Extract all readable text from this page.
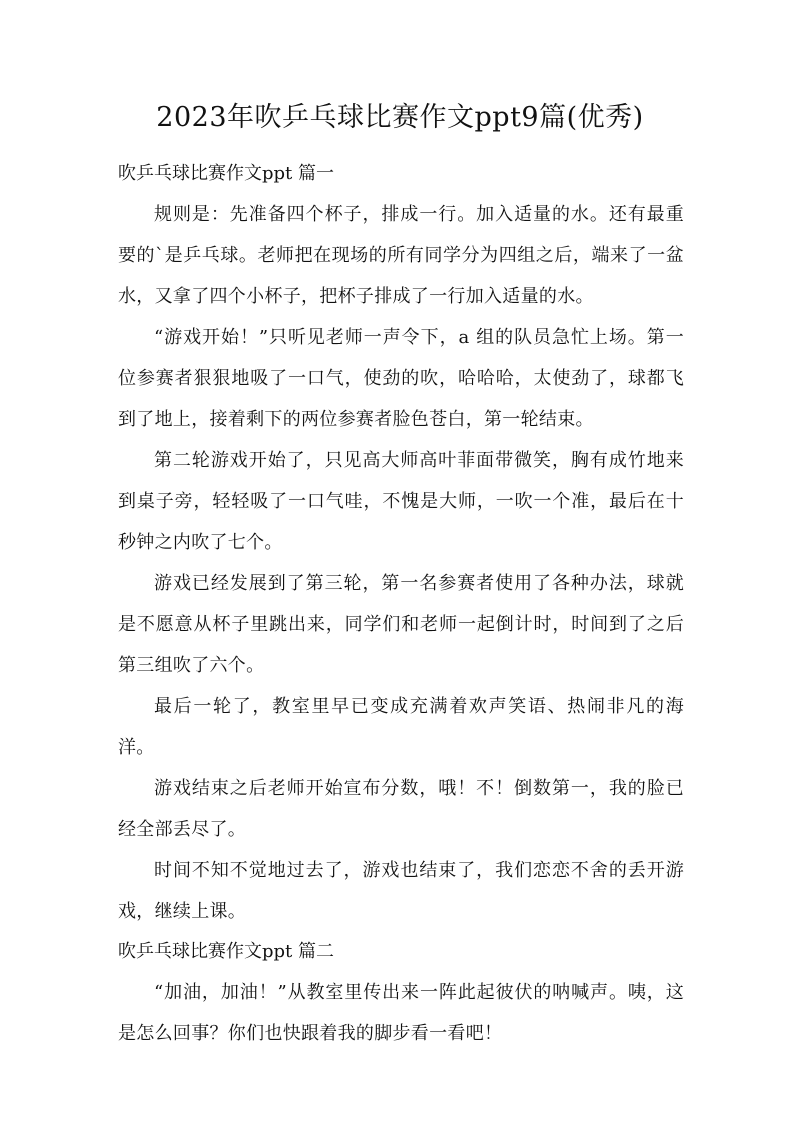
2023年吹乒乓球比赛作文ppt9篇(优秀)

吹乒乓球比赛作文ppt 篇一

规则是：先准备四个杯子，排成一行。加入适量的水。还有最重要的`是乒乓球。老师把在现场的所有同学分为四组之后，端来了一盆水，又拿了四个小杯子，把杯子排成了一行加入适量的水。

“游戏开始！”只听见老师一声令下，a 组的队员急忙上场。第一位参赛者狠狠地吸了一口气，使劲的吹，哈哈哈，太使劲了，球都飞到了地上，接着剩下的两位参赛者脸色苍白，第一轮结束。

第二轮游戏开始了，只见高大师高叶菲面带微笑，胸有成竹地来到桌子旁，轻轻吸了一口气哇，不愧是大师，一吹一个准，最后在十秒钟之内吹了七个。

游戏已经发展到了第三轮，第一名参赛者使用了各种办法，球就是不愿意从杯子里跳出来，同学们和老师一起倒计时，时间到了之后第三组吹了六个。

最后一轮了，教室里早已变成充满着欢声笑语、热闹非凡的海洋。

游戏结束之后老师开始宣布分数，哦！不！倒数第一，我的脸已经全部丢尽了。

时间不知不觉地过去了，游戏也结束了，我们恋恋不舍的丢开游戏，继续上课。

吹乒乓球比赛作文ppt 篇二

“加油，加油！”从教室里传出来一阵此起彼伏的呐喊声。咦，这是怎么回事？你们也快跟着我的脚步看一看吧！
